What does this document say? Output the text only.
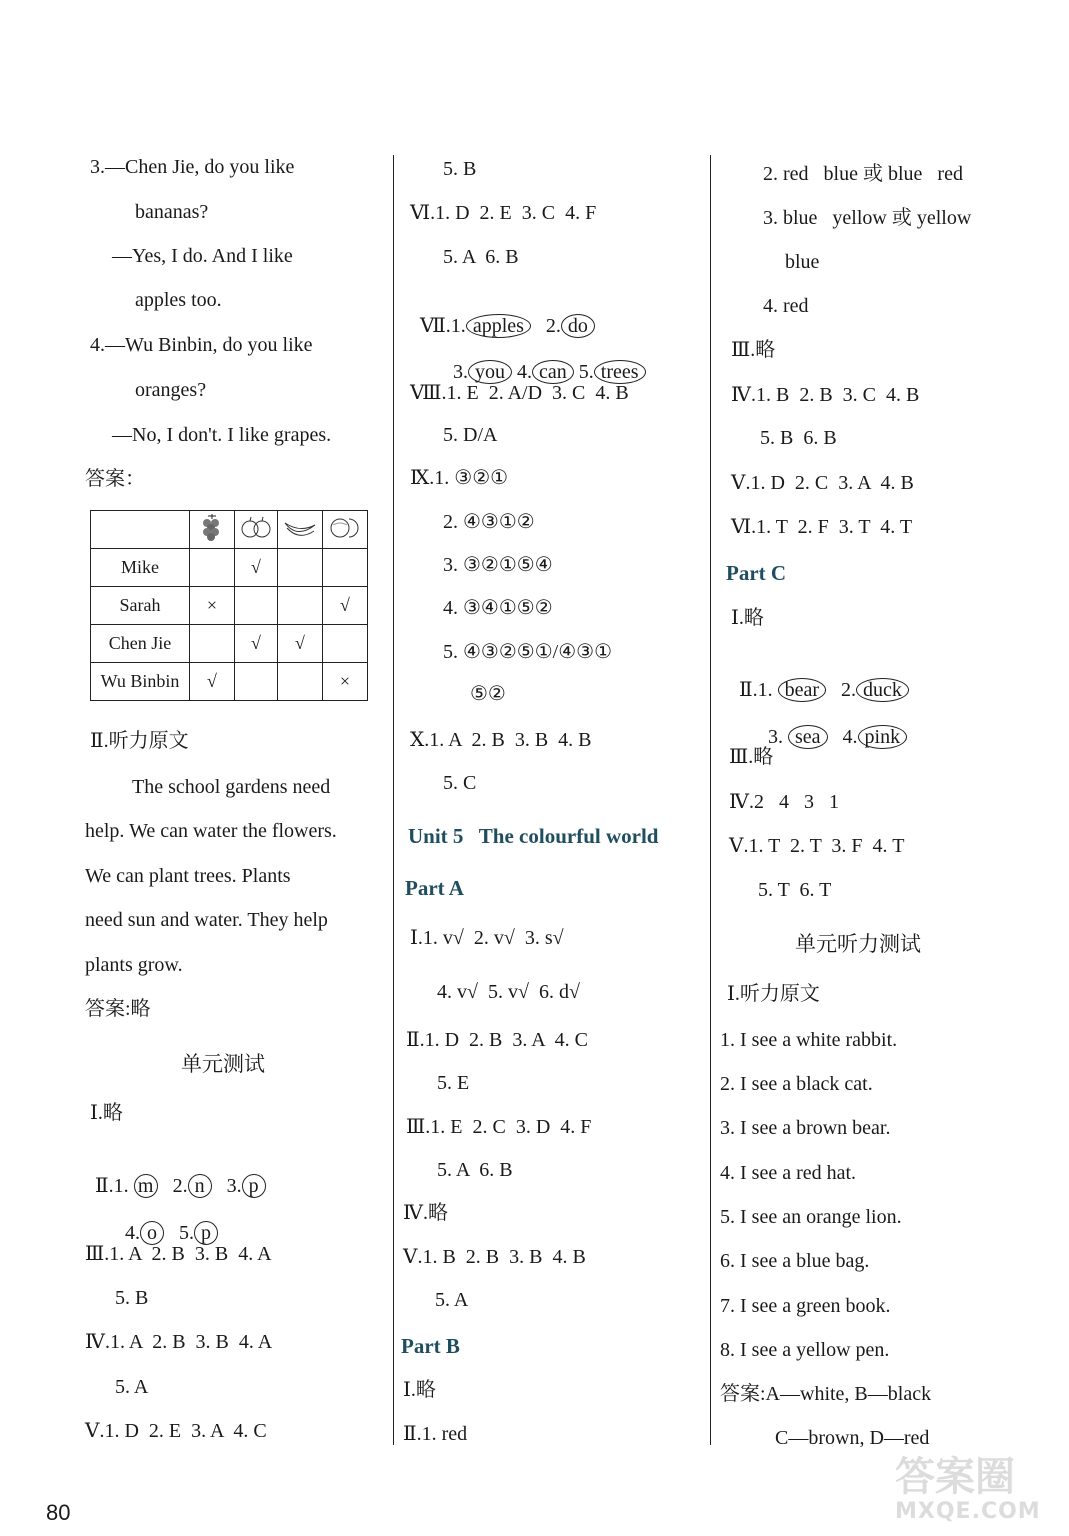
3.—Chen Jie, do you like
bananas?
—Yes, I do. And I like
apples too.
4.—Wu Binbin, do you like
oranges?
—No, I don't. I like grapes.
答案：

Mike		√		
Sarah	×			√
Chen Jie		√	√	
Wu Binbin	√			×
Ⅱ.听力原文
The school gardens need
help. We can water the flowers.
We can plant trees. Plants
need sun and water. They help
plants grow.
答案:略
单元测试
Ⅰ.略

Ⅱ.1. m 2. n 3. p

4. o 5. p

Ⅲ.1. A  2. B  3. B  4. A
5. B
Ⅳ.1. A  2. B  3. B  4. A
5. A
Ⅴ.1. D  2. E  3. A  4. C
5. B
Ⅵ.1. D  2. E  3. C  4. F
5. A  6. B

Ⅶ.1. apples 2. do

3. you 4. can 5. trees

Ⅷ.1. E  2. A/D  3. C  4. B
5. D/A
Ⅸ.1. ③②①
2. ④③①②
3. ③②①⑤④
4. ③④①⑤②
5. ④③②⑤①/④③①
⑤②
Ⅹ.1. A  2. B  3. B  4. B
5. C
Unit 5   The colourful world
Part A
Ⅰ.1. v√  2. v√  3. s√
4. v√  5. v√  6. d√
Ⅱ.1. D  2. B  3. A  4. C
5. E
Ⅲ.1. E  2. C  3. D  4. F
5. A  6. B
Ⅳ.略
Ⅴ.1. B  2. B  3. B  4. B
5. A
Part B
Ⅰ.略
Ⅱ.1. red
2. red   blue 或 blue   red
3. blue   yellow 或 yellow
blue
4. red
Ⅲ.略
Ⅳ.1. B  2. B  3. C  4. B
5. B  6. B
Ⅴ.1. D  2. C  3. A  4. B
Ⅵ.1. T  2. F  3. T  4. T
Part C
Ⅰ.略

Ⅱ.1. bear 2. duck

3. sea 4. pink

Ⅲ.略
Ⅳ.2   4   3   1
Ⅴ.1. T  2. T  3. F  4. T
5. T  6. T
单元听力测试
Ⅰ.听力原文
1. I see a white rabbit.
2. I see a black cat.
3. I see a brown bear.
4. I see a red hat.
5. I see an orange lion.
6. I see a blue bag.
7. I see a green book.
8. I see a yellow pen.
答案:A—white, B—black
C—brown, D—red
80
答案圈
MXQE.COM
